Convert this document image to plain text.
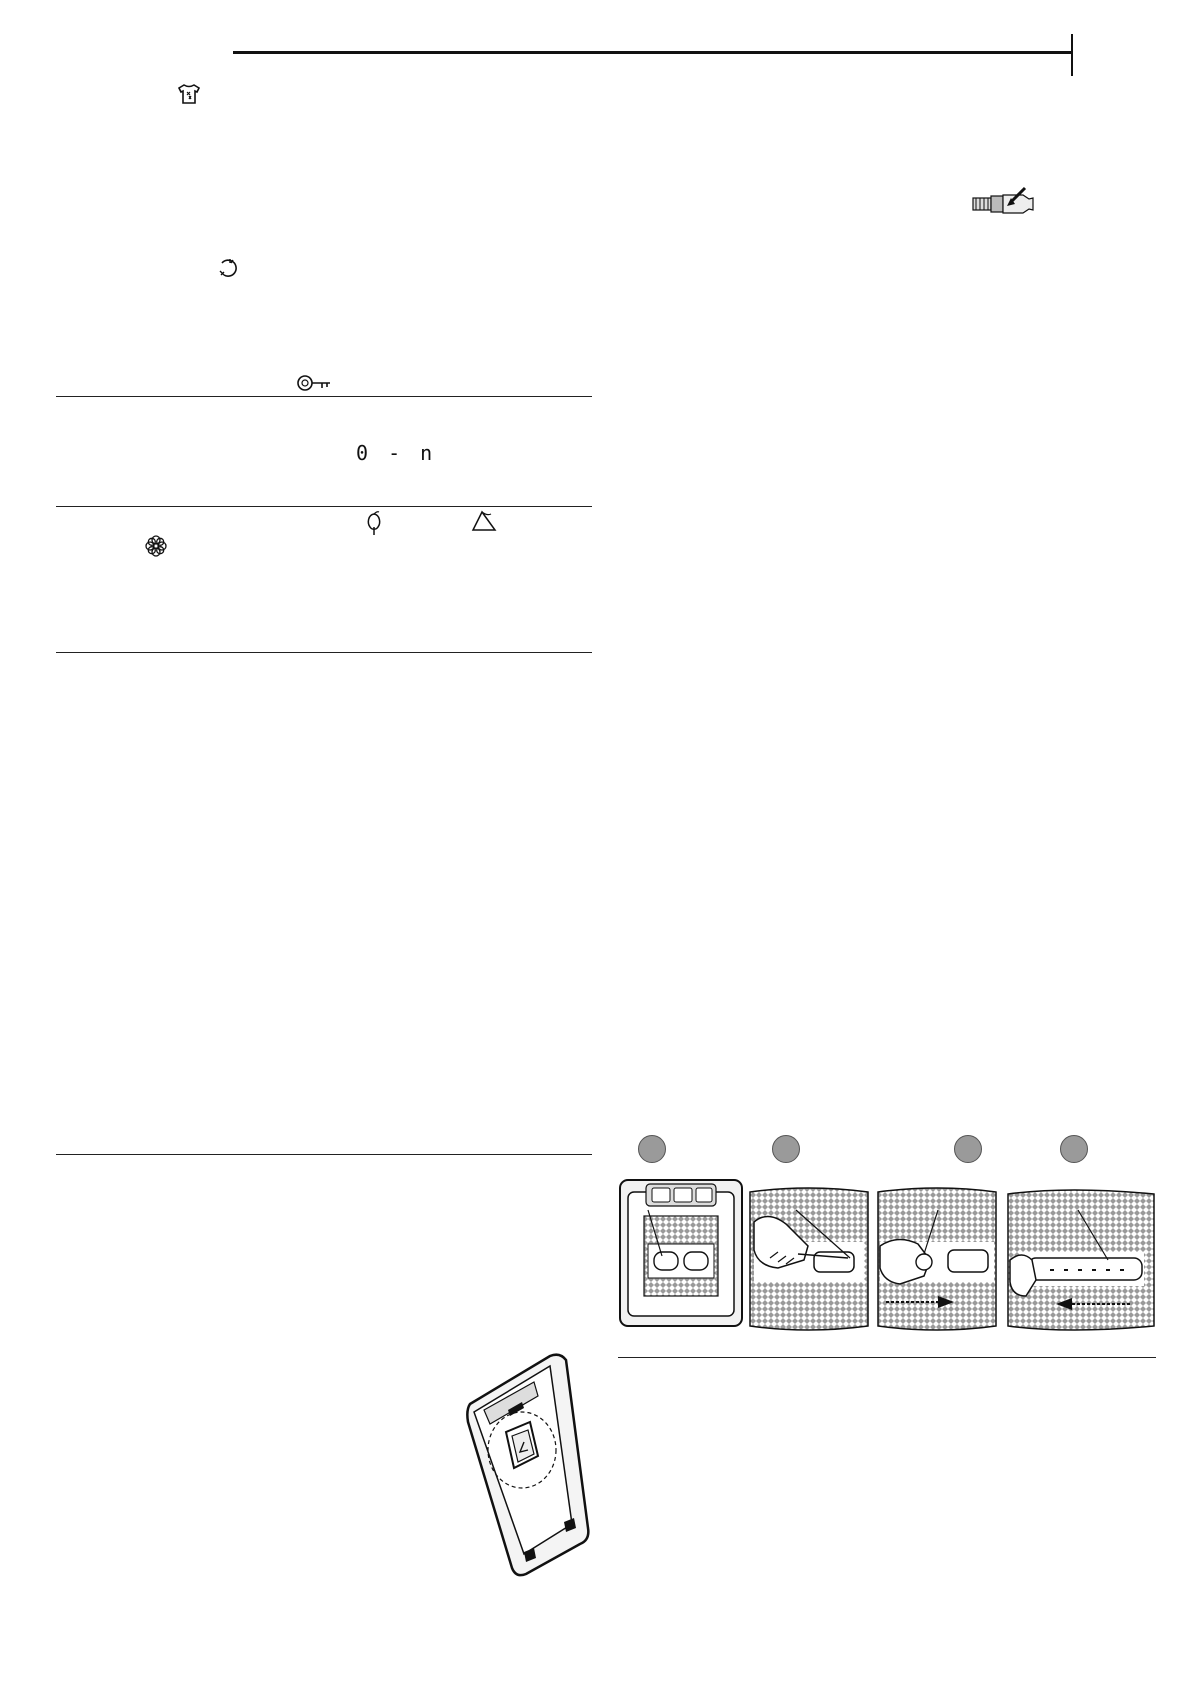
0 - n
